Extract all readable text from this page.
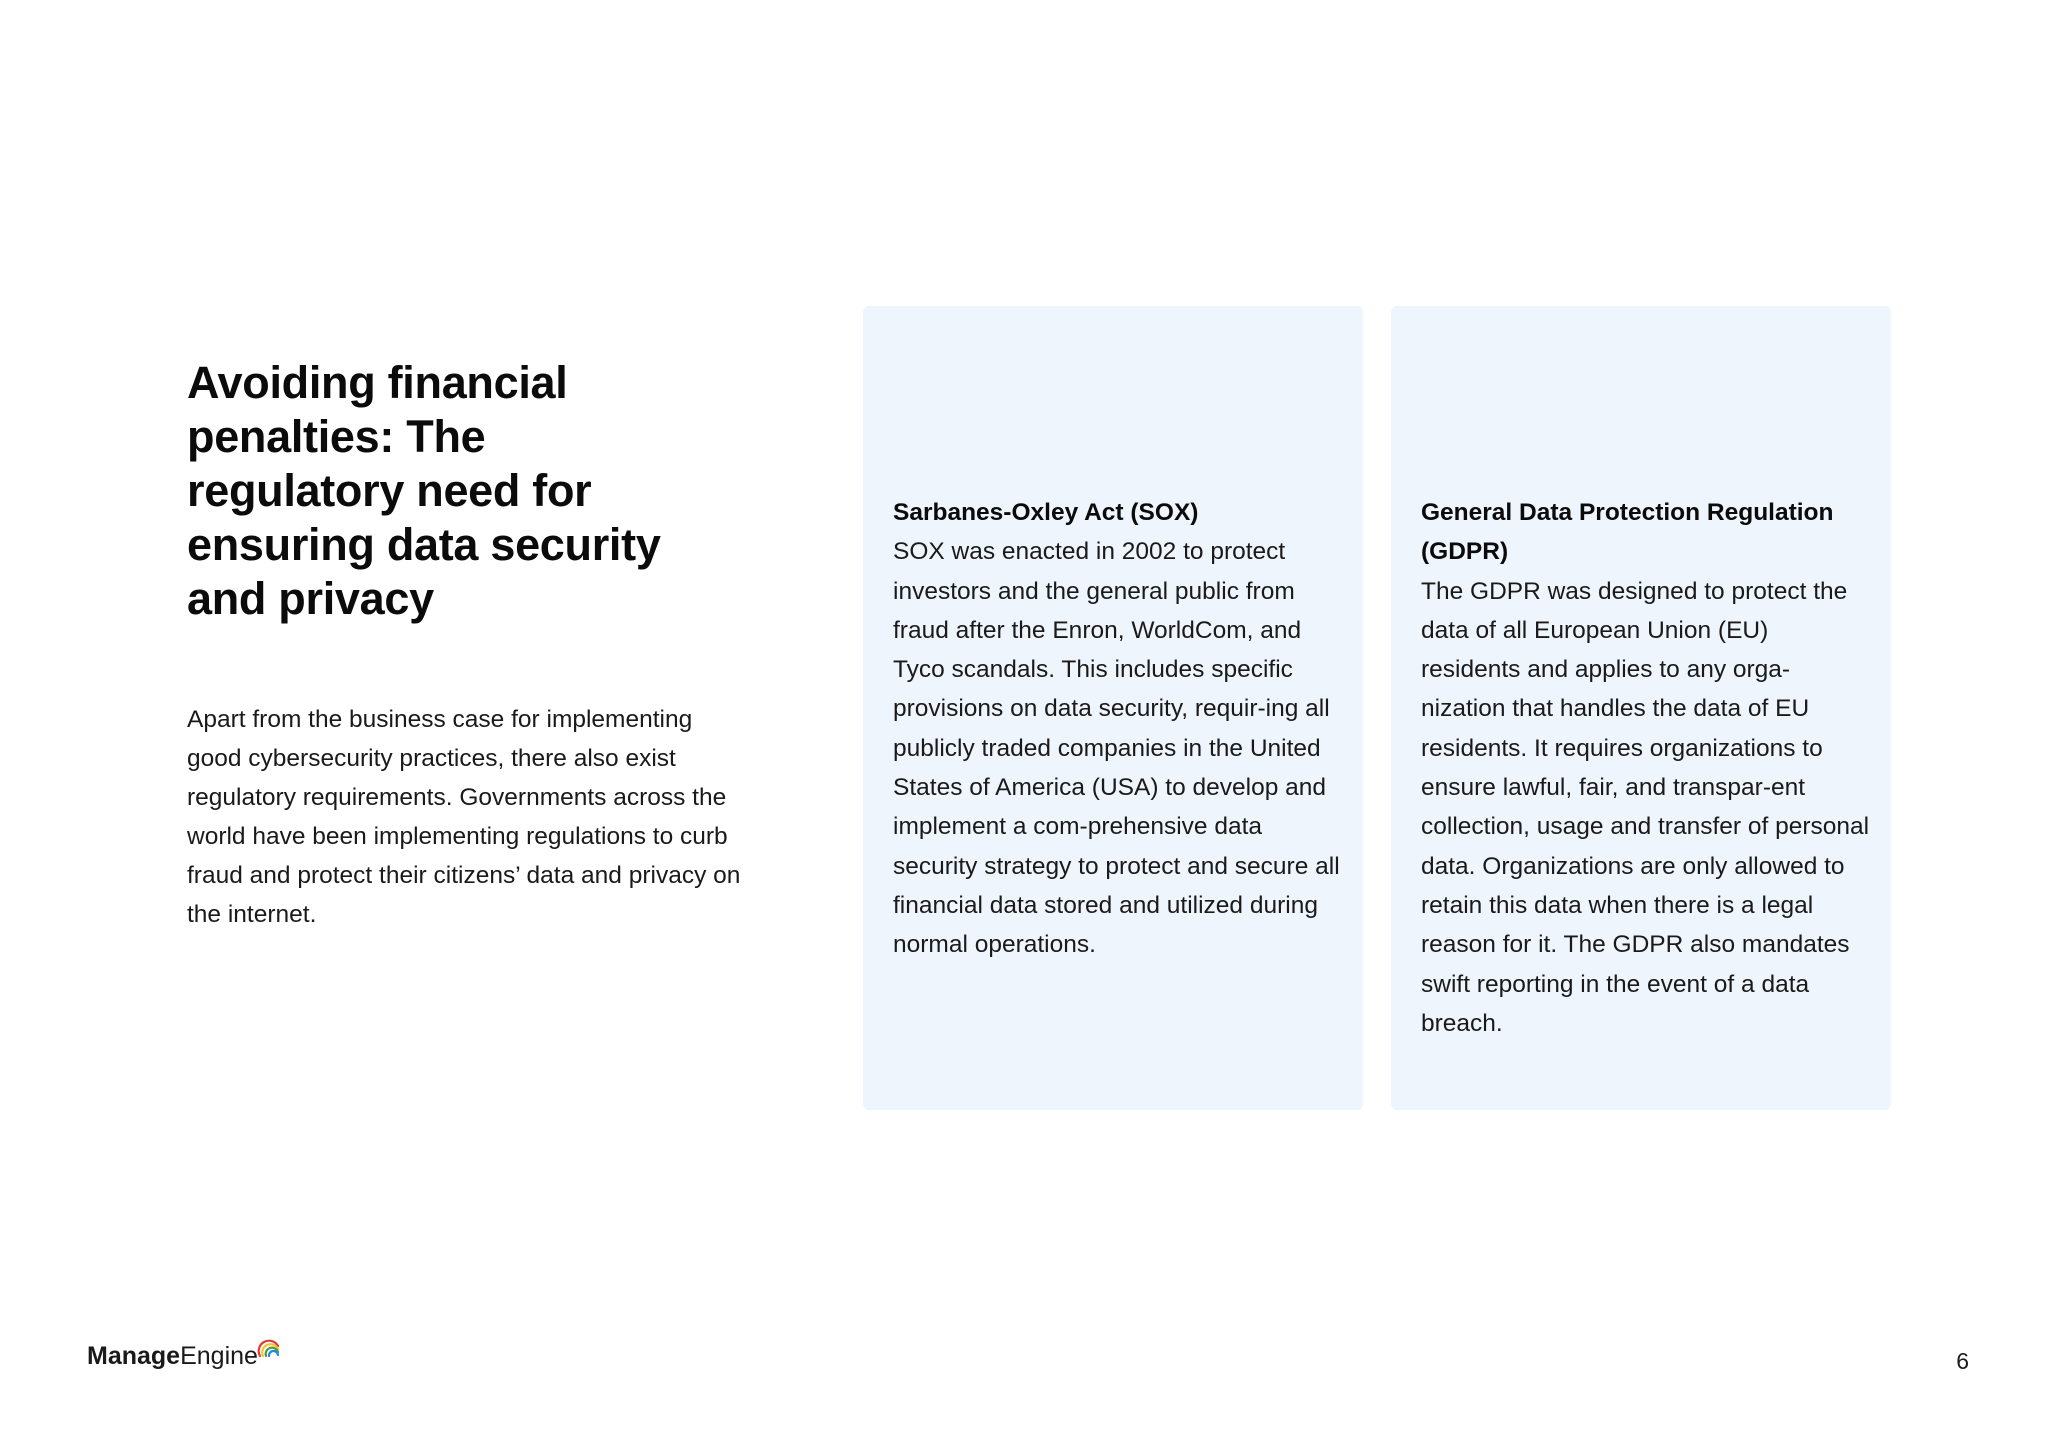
Avoiding financial penalties: The regulatory need for ensuring data security and privacy

Apart from the business case for implementing good cybersecurity practices, there also exist regulatory requirements. Governments across the world have been implementing regulations to curb fraud and protect their citizens’ data and privacy on the internet.

Sarbanes-Oxley Act (SOX)
SOX was enacted in 2002 to protect investors and the general public from fraud after the Enron, WorldCom, and Tyco scandals. This includes specific provisions on data security, requir-ing all publicly traded companies in the United States of America (USA) to develop and implement a com-prehensive data security strategy to protect and secure all financial data stored and utilized during normal operations.
General Data Protection Regulation (GDPR)
The GDPR was designed to protect the data of all European Union (EU) residents and applies to any orga-nization that handles the data of EU residents. It requires organizations to ensure lawful, fair, and transpar-ent collection, usage and transfer of personal data. Organizations are only allowed to retain this data when there is a legal reason for it. The GDPR also mandates swift reporting in the event of a data breach.
Manage Engine	6
